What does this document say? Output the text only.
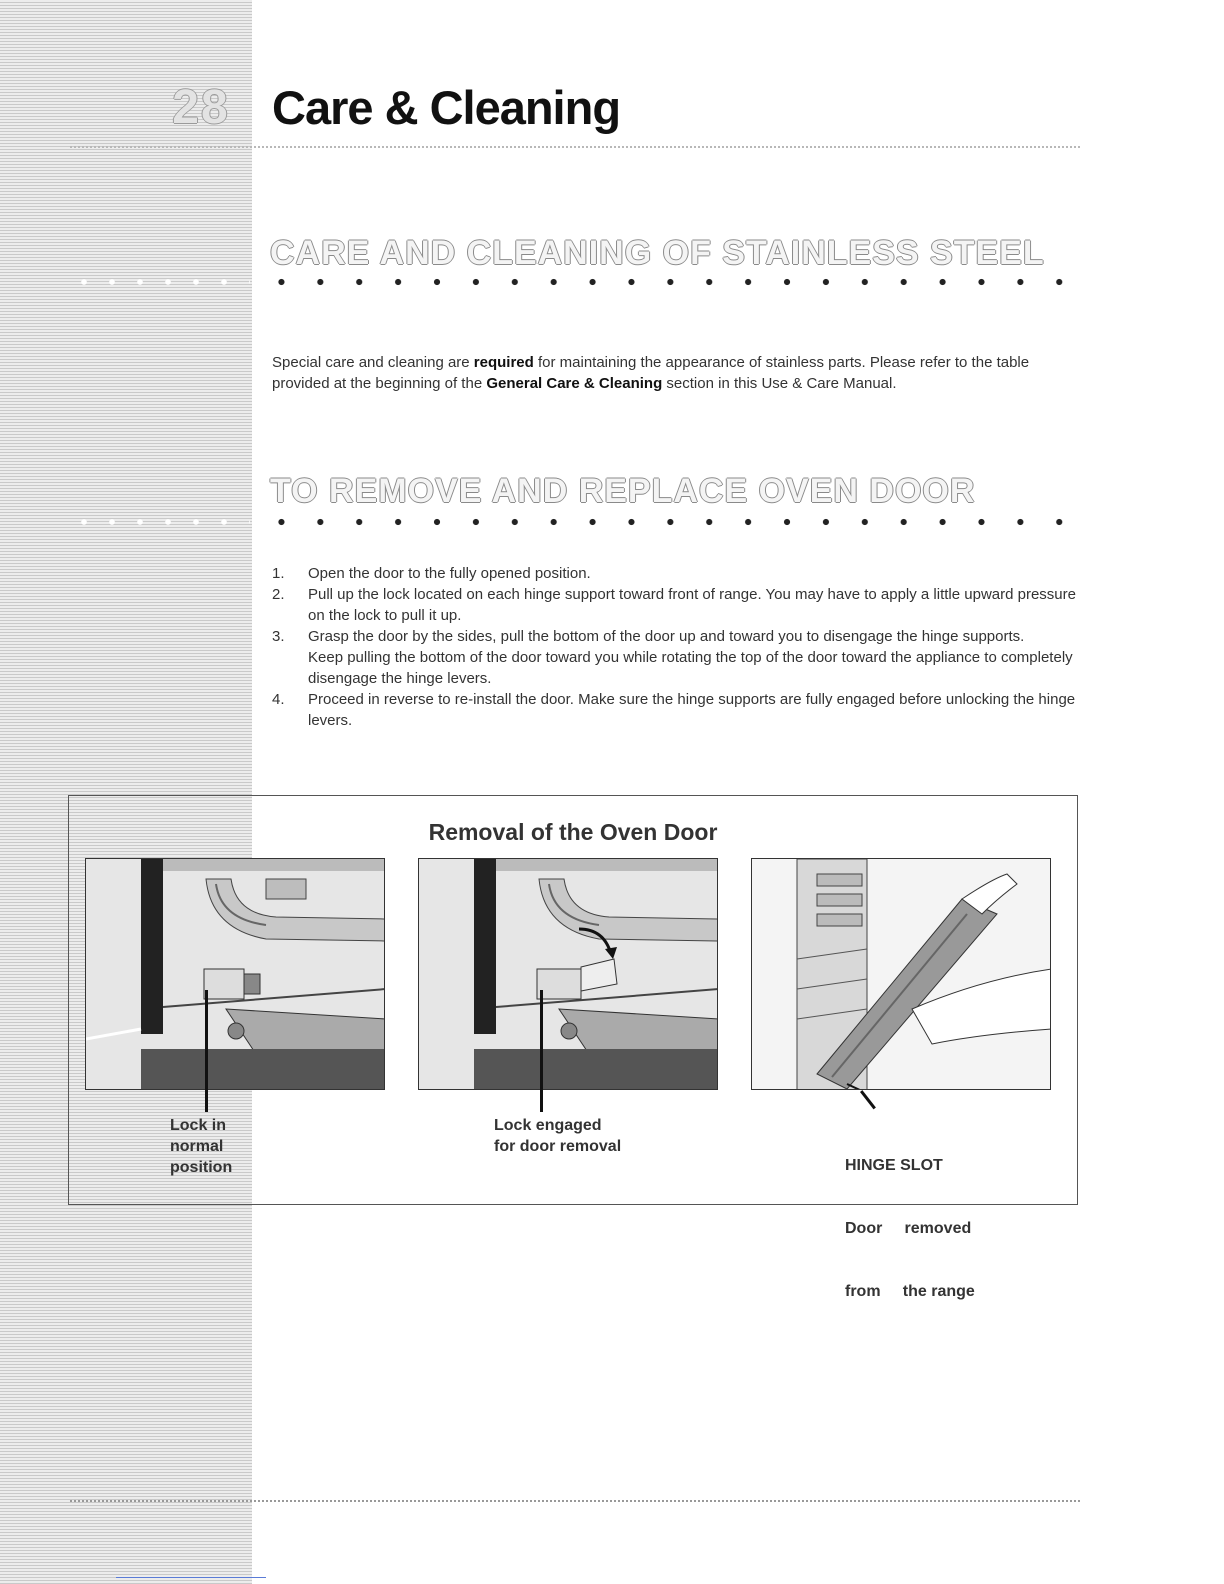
28 Care & Cleaning
CARE AND CLEANING OF STAINLESS STEEL

Special care and cleaning are required for maintaining the appearance of stainless parts. Please refer to the table provided at the beginning of the General Care & Cleaning section in this Use & Care Manual.

TO REMOVE AND REPLACE OVEN DOOR
1. Open the door to the fully opened position.
2. Pull up the lock located on each hinge support toward front of range. You may have to apply a little upward pressure on the lock to pull it up.
3. Grasp the door by the sides, pull the bottom of the door up and toward you to disengage the hinge supports.
Keep pulling the bottom of the door toward you while rotating the top of the door toward the appliance to completely disengage the hinge levers.
4. Proceed in reverse to re-install the door. Make sure the hinge supports are fully engaged before unlocking the hinge levers.
Removal of the Oven Door
Lock in
normal
position
Lock engaged
for door removal

HINGE SLOT

Door     removed

from     the range
